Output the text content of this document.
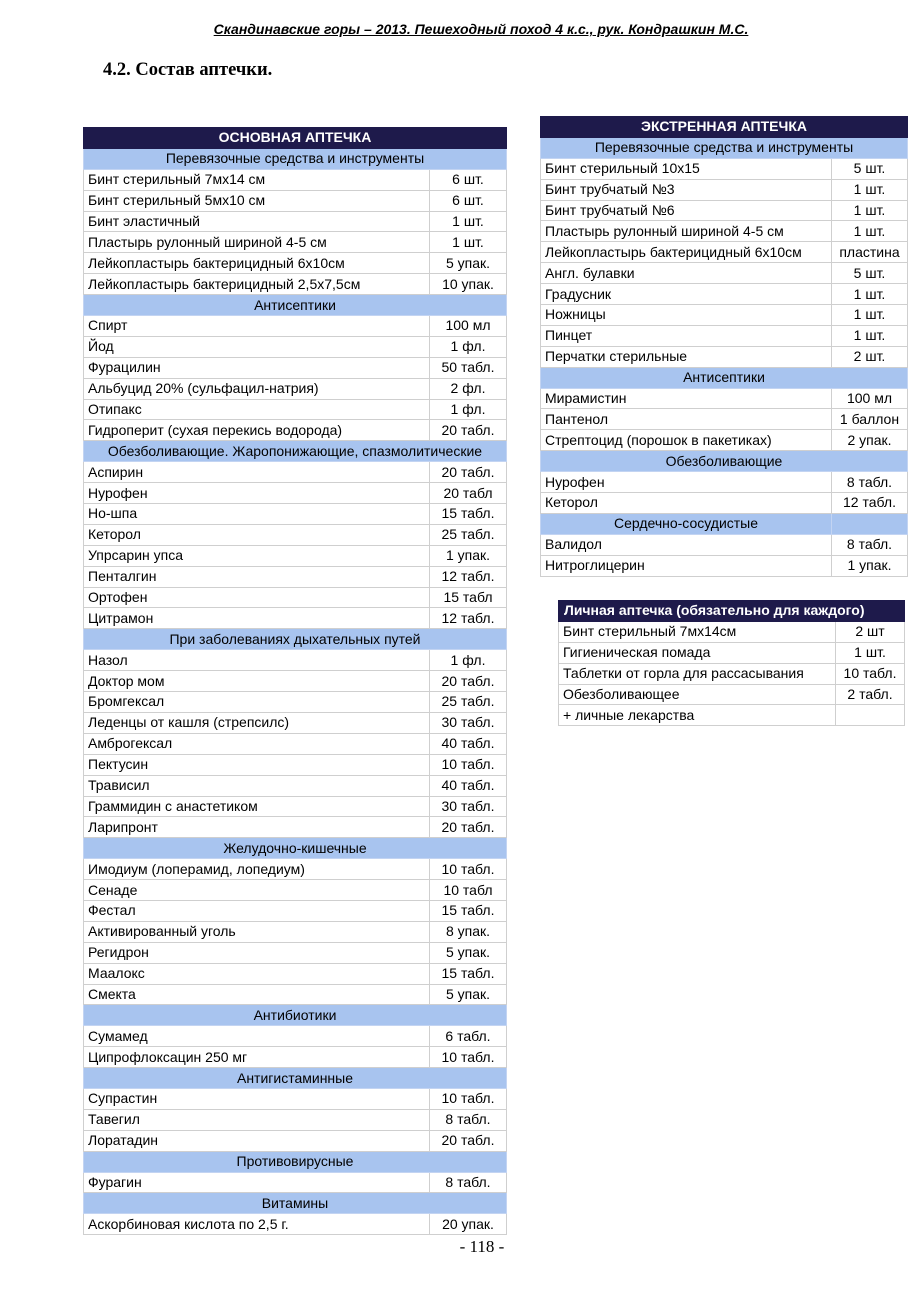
Скандинавские горы – 2013. Пешеходный поход 4 к.с., рук. Кондрашкин М.С.
4.2. Состав аптечки.
ОСНОВНАЯ АПТЕЧКА	
Перевязочные средства и инструменты	
Бинт стерильный 7мх14 см	6 шт.
Бинт стерильный 5мх10 см	6 шт.
Бинт эластичный	1 шт.
Пластырь рулонный шириной 4-5 см	1 шт.
Лейкопластырь бактерицидный 6х10см	5 упак.
Лейкопластырь бактерицидный 2,5х7,5см	10 упак.
Антисептики	
Спирт	100 мл
Йод	1 фл.
Фурацилин	50 табл.
Альбуцид 20% (сульфацил-натрия)	2 фл.
Отипакс	1 фл.
Гидроперит (сухая перекись водорода)	20 табл.
Обезболивающие. Жаропонижающие, спазмолитические	
Аспирин	20 табл.
Нурофен	20 табл
Но-шпа	15 табл.
Кеторол	25 табл.
Упрсарин упса	1 упак.
Пенталгин	12 табл.
Ортофен	15 табл
Цитрамон	12 табл.
При заболеваниях дыхательных путей	
Назол	1 фл.
Доктор мом	20 табл.
Бромгексал	25 табл.
Леденцы от кашля (стрепсилс)	30 табл.
Амброгексал	40 табл.
Пектусин	10 табл.
Трависил	40 табл.
Граммидин с анастетиком	30 табл.
Ларипронт	20 табл.
Желудочно-кишечные	
Имодиум (лоперамид, лопедиум)	10 табл.
Сенаде	10 табл
Фестал	15 табл.
Активированный уголь	8 упак.
Регидрон	5 упак.
Маалокс	15 табл.
Смекта	5 упак.
Антибиотики	
Сумамед	6 табл.
Ципрофлоксацин 250 мг	10 табл.
Антигистаминные	
Супрастин	10 табл.
Тавегил	8 табл.
Лоратадин	20 табл.
Противовирусные	
Фурагин	8 табл.
Витамины	
Аскорбиновая кислота по 2,5 г.	20 упак.
ЭКСТРЕННАЯ АПТЕЧКА	
Перевязочные средства и инструменты	
Бинт стерильный 10х15	5 шт.
Бинт трубчатый №3	1 шт.
Бинт трубчатый №6	1 шт.
Пластырь рулонный шириной 4-5 см	1 шт.
Лейкопластырь бактерицидный 6х10см	пластина
Англ. булавки	5 шт.
Градусник	1 шт.
Ножницы	1 шт.
Пинцет	1 шт.
Перчатки стерильные	2 шт.
Антисептики	
Мирамистин	100 мл
Пантенол	1 баллон
Стрептоцид (порошок в пакетиках)	2 упак.
Обезболивающие	
Нурофен	8 табл.
Кеторол	12 табл.
Сердечно-сосудистые	
Валидол	8 табл.
Нитроглицерин	1 упак.
Личная аптечка (обязательно для каждого)	
Бинт стерильный 7мх14см	2 шт
Гигиеническая помада	1 шт.
Таблетки от горла для рассасывания	10 табл.
Обезболивающее	2 табл.
+ личные лекарства	
- 118 -
